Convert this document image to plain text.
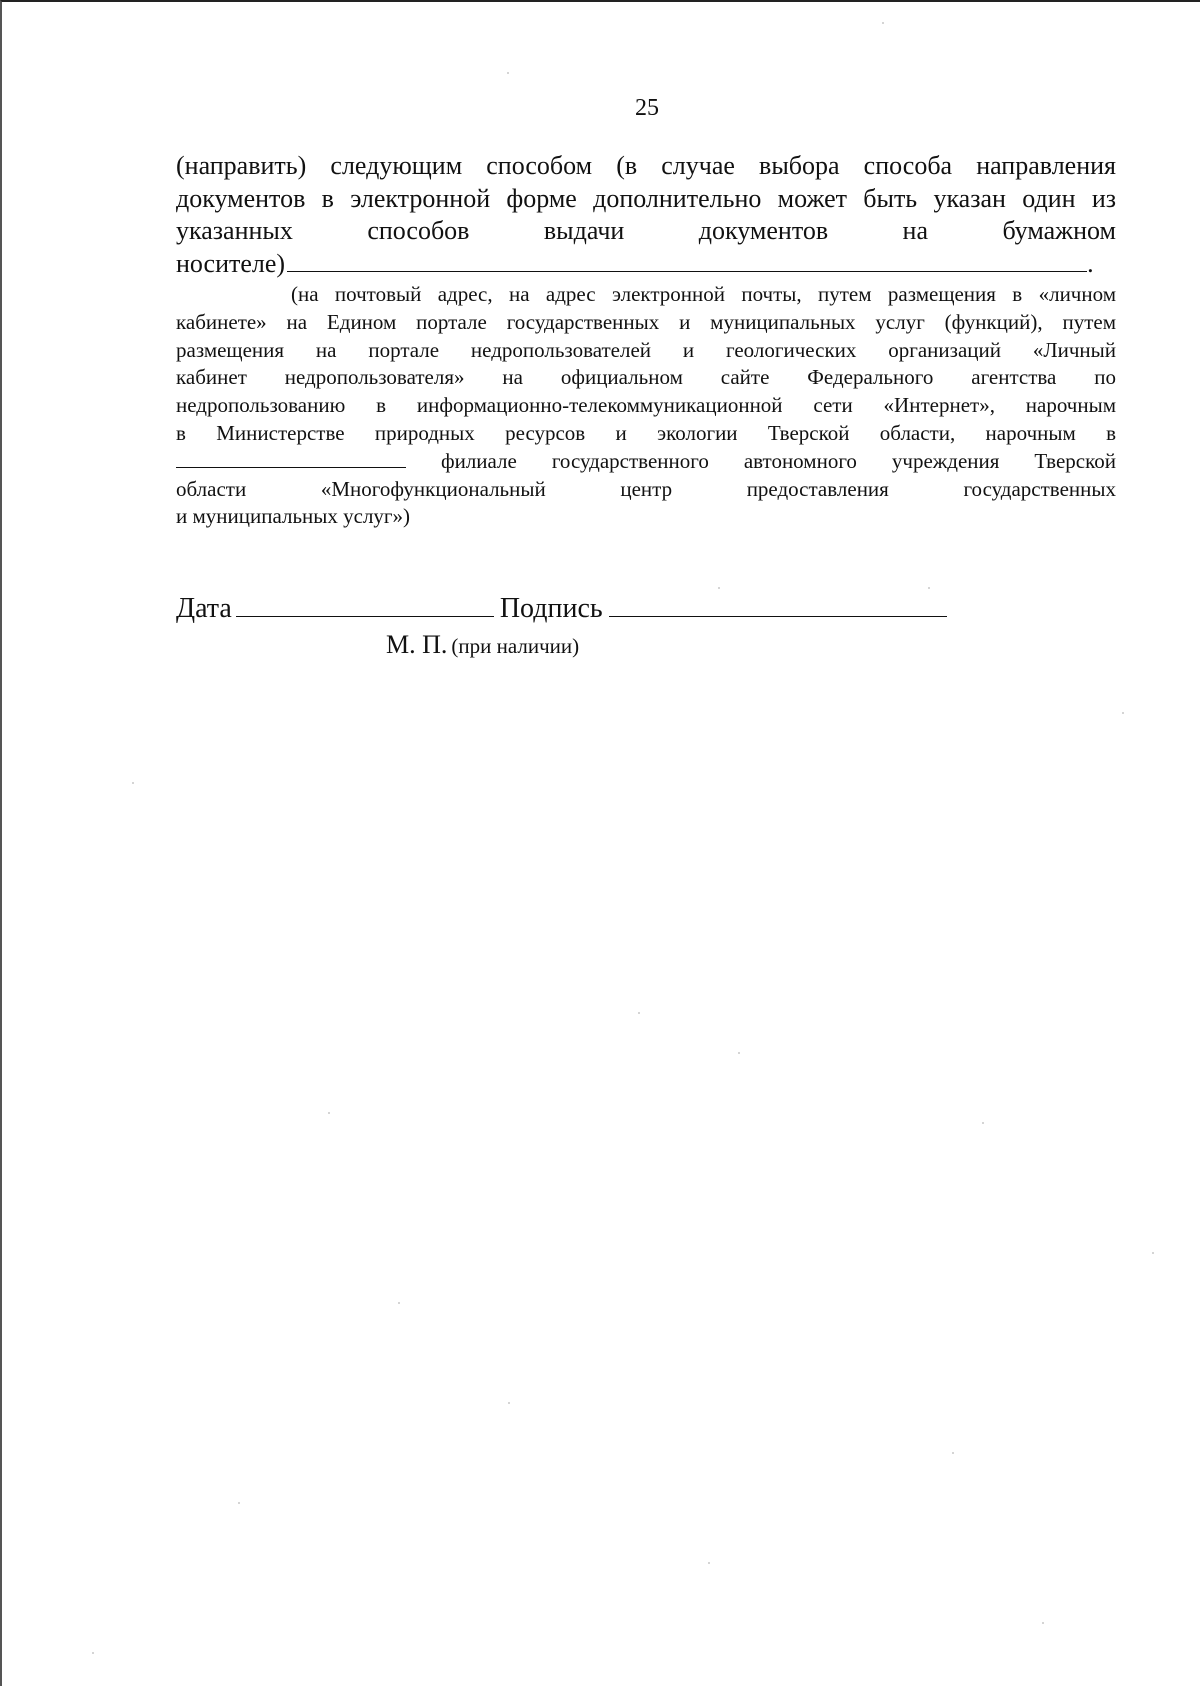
25
(направить) следующим способом (в случае выбора способа направления
документов в электронной форме дополнительно может быть указан один из
указанных способов выдачи документов на бумажном
носителе)	.
(на почтовый адрес, на адрес электронной почты, путем размещения в «личном
кабинете» на Едином портале государственных и муниципальных услуг (функций), путем
размещения на портале недропользователей и геологических организаций «Личный
кабинет недропользователя» на официальном сайте Федерального агентства по
недропользованию в информационно-телекоммуникационной сети «Интернет», нарочным
в Министерстве природных ресурсов и экологии Тверской области, нарочным в
филиале государственного автономного учреждения Тверской
области «Многофункциональный центр предоставления государственных
и муниципальных услуг»)
Дата	Подпись
М. П. (при наличии)
